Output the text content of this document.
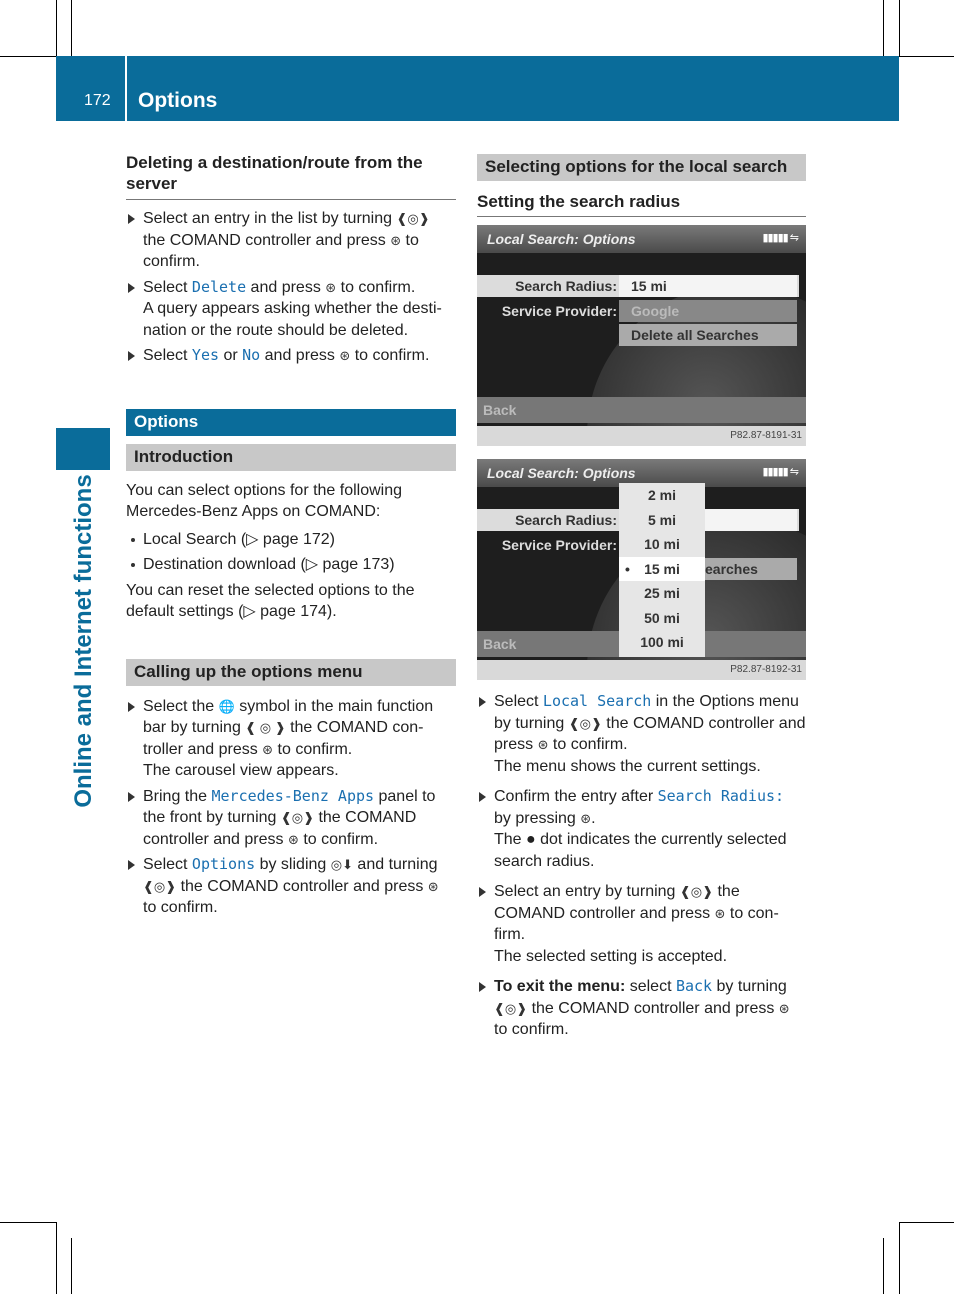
172 Options
Online and Internet functions
Deleting a destination/route from the server
Select an entry in the list by turning ❰◎❱ the COMAND controller and press ⊛ to confirm.
Select Delete and press ⊛ to confirm.
A query appears asking whether the desti-nation or the route should be deleted.
Select Yes or No and press ⊛ to confirm.
Options
Introduction
You can select options for the following Mercedes-Benz Apps on COMAND:
Local Search (▷ page 172)
Destination download (▷ page 173)
You can reset the selected options to the default settings (▷ page 174).
Calling up the options menu
Select the 🌐 symbol in the main function bar by turning ❰ ◎ ❱ the COMAND con-troller and press ⊛ to confirm.
The carousel view appears.
Bring the Mercedes-Benz Apps panel to the front by turning ❰◎❱ the COMAND controller and press ⊛ to confirm.
Select Options by sliding ◎⬇ and turning ❰◎❱ the COMAND controller and press ⊛ to confirm.
Selecting options for the local search
Setting the search radius
Local Search: Options	▮▮▮▮▮ ⇋
Search Radius:	15 mi
Service Provider:	Google
Delete all Searches
Back
P82.87-8191-31
Local Search: Options	▮▮▮▮▮ ⇋
Search Radius:
Service Provider:
earches
Back
2 mi
5 mi
10 mi
• 15 mi
25 mi
50 mi
100 mi
P82.87-8192-31
Select Local Search in the Options menu by turning ❰◎❱ the COMAND controller and press ⊛ to confirm.
The menu shows the current settings.
Confirm the entry after Search Radius:
by pressing ⊛.
The ● dot indicates the currently selected search radius.
Select an entry by turning ❰◎❱ the COMAND controller and press ⊛ to con-firm.
The selected setting is accepted.
To exit the menu: select Back by turning ❰◎❱ the COMAND controller and press ⊛ to confirm.
